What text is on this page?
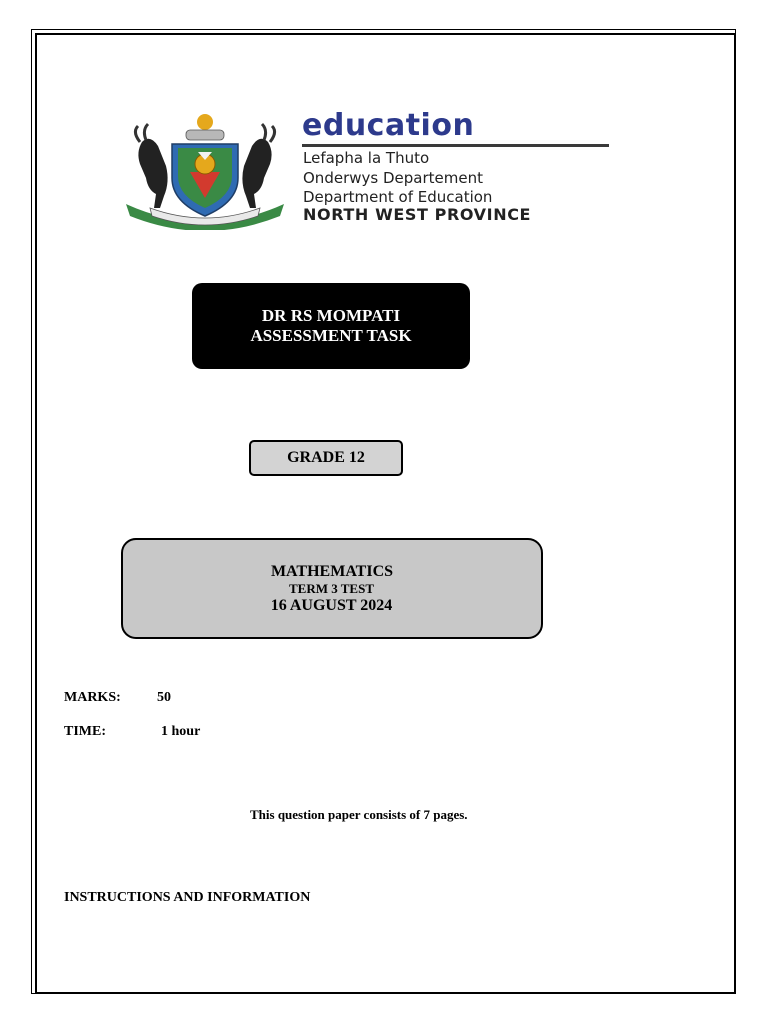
education
Lefapha la Thuto
Onderwys Departement
Department of Education
NORTH WEST PROVINCE
DR RS MOMPATI
ASSESSMENT TASK
GRADE 12
MATHEMATICS
TERM 3 TEST
16 AUGUST 2024
MARKS:	50
TIME:	1 hour
This question paper consists of 7 pages.
INSTRUCTIONS AND INFORMATION
